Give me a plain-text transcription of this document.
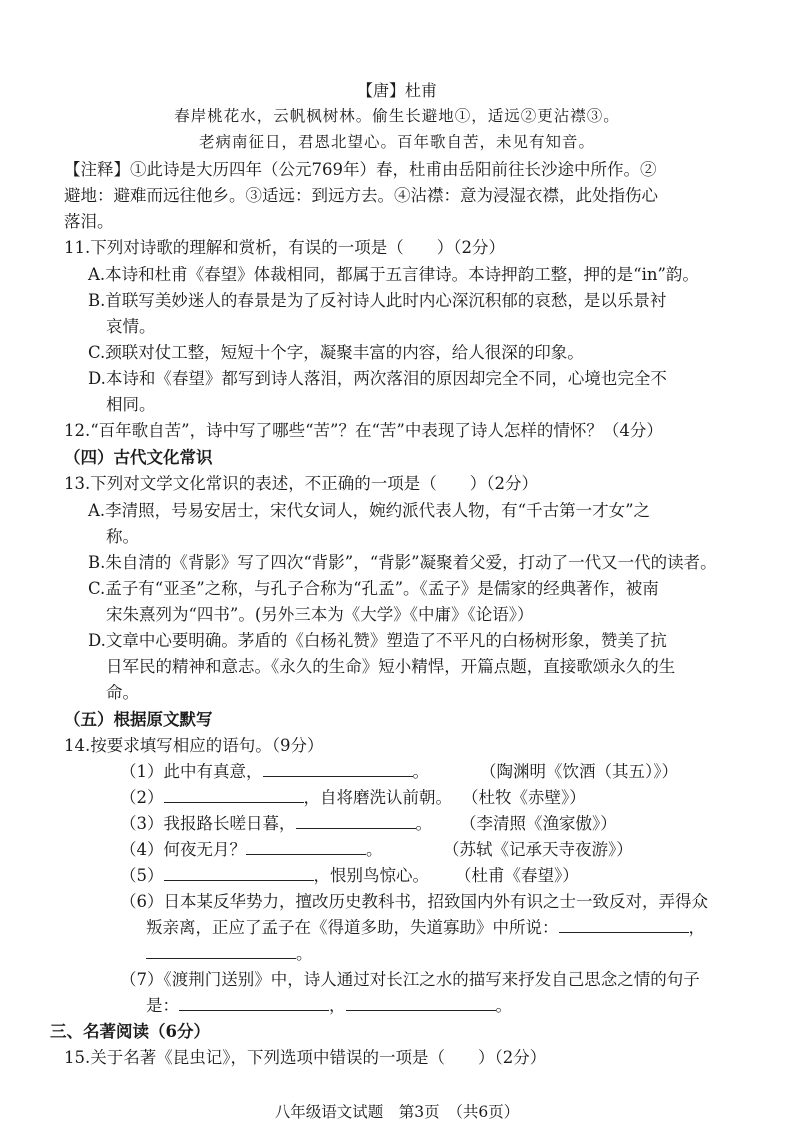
【唐】杜甫
春岸桃花水，云帆枫树林。偷生长避地①，适远②更沾襟③。
老病南征日，君恩北望心。百年歌自苦，未见有知音。
【注释】①此诗是大历四年（公元769年）春，杜甫由岳阳前往长沙途中所作。②
避地：避难而远往他乡。③适远：到远方去。④沾襟：意为浸湿衣襟，此处指伤心
落泪。
11.下列对诗歌的理解和赏析，有误的一项是（　　）（2分）
A.本诗和杜甫《春望》体裁相同，都属于五言律诗。本诗押韵工整，押的是“in”韵。
B.首联写美妙迷人的春景是为了反衬诗人此时内心深沉积郁的哀愁，是以乐景衬
哀情。
C.颈联对仗工整，短短十个字，凝聚丰富的内容，给人很深的印象。
D.本诗和《春望》都写到诗人落泪，两次落泪的原因却完全不同，心境也完全不
相同。
12.“百年歌自苦”，诗中写了哪些“苦”？在“苦”中表现了诗人怎样的情怀？（4分）
（四）古代文化常识
13.下列对文学文化常识的表述，不正确的一项是（　　）（2分）
A.李清照，号易安居士，宋代女词人，婉约派代表人物，有“千古第一才女”之
称。
B.朱自清的《背影》写了四次“背影”，“背影”凝聚着父爱，打动了一代又一代的读者。
C.孟子有“亚圣”之称，与孔子合称为“孔孟”。《孟子》是儒家的经典著作，被南
宋朱熹列为“四书”。(另外三本为《大学》《中庸》《论语》）
D.文章中心要明确。茅盾的《白杨礼赞》塑造了不平凡的白杨树形象，赞美了抗
日军民的精神和意志。《永久的生命》短小精悍，开篇点题，直接歌颂永久的生
命。
（五）根据原文默写
14.按要求填写相应的语句。（9分）
（1）此中有真意，	。	（陶渊明《饮酒（其五）》）
（2）	，自将磨洗认前朝。 （杜牧《赤壁》）
（3）我报路长嗟日暮，	。 （李清照《渔家傲》）
（4）何夜无月？	。	（苏轼《记承天寺夜游》）
（5）	，恨别鸟惊心。 （杜甫《春望》）
（6）日本某反华势力，擅改历史教科书，招致国内外有识之士一致反对，弄得众
叛亲离，正应了孟子在《得道多助，失道寡助》中所说：	，
。
（7）《渡荆门送别》中，诗人通过对长江之水的描写来抒发自己思念之情的句子
是：	，	。
三、名著阅读（6分）
15.关于名著《昆虫记》，下列选项中错误的一项是（　　）（2分）
八年级语文试题　第3页　（共6页）
